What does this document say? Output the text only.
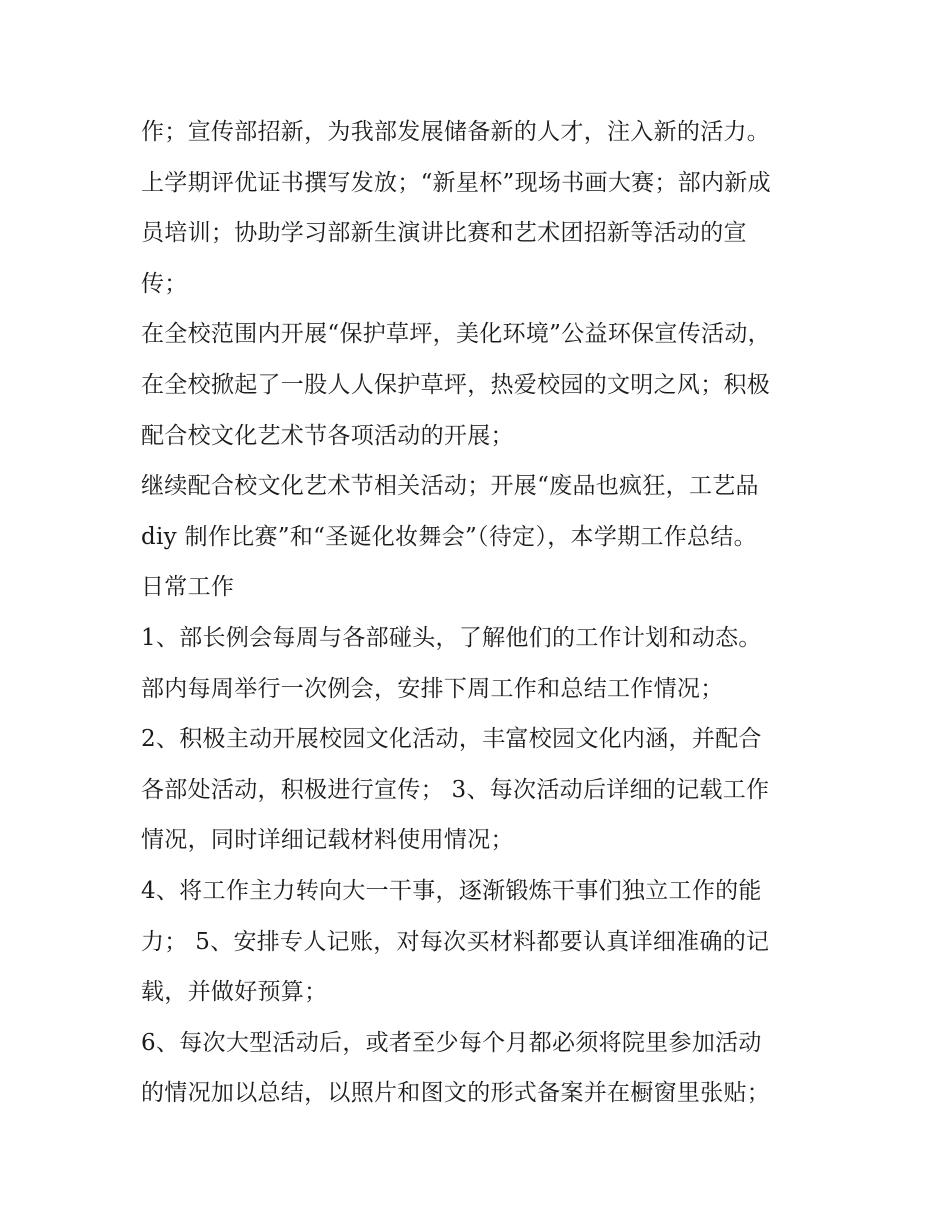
作；宣传部招新，为我部发展储备新的人才，注入新的活力。
上学期评优证书撰写发放；“新星杯”现场书画大赛；部内新成
员培训；协助学习部新生演讲比赛和艺术团招新等活动的宣
传；
在全校范围内开展“保护草坪，美化环境”公益环保宣传活动，
在全校掀起了一股人人保护草坪，热爱校园的文明之风；积极
配合校文化艺术节各项活动的开展；
继续配合校文化艺术节相关活动；开展“废品也疯狂，工艺品
diy 制作比赛”和“圣诞化妆舞会”（待定），本学期工作总结。
日常工作
1、部长例会每周与各部碰头，了解他们的工作计划和动态。
部内每周举行一次例会，安排下周工作和总结工作情况；
2、积极主动开展校园文化活动，丰富校园文化内涵，并配合
各部处活动，积极进行宣传； 3、每次活动后详细的记载工作
情况，同时详细记载材料使用情况；
4、将工作主力转向大一干事，逐渐锻炼干事们独立工作的能
力； 5、安排专人记账，对每次买材料都要认真详细准确的记
载，并做好预算；
6、每次大型活动后，或者至少每个月都必须将院里参加活动
的情况加以总结，以照片和图文的形式备案并在橱窗里张贴；
